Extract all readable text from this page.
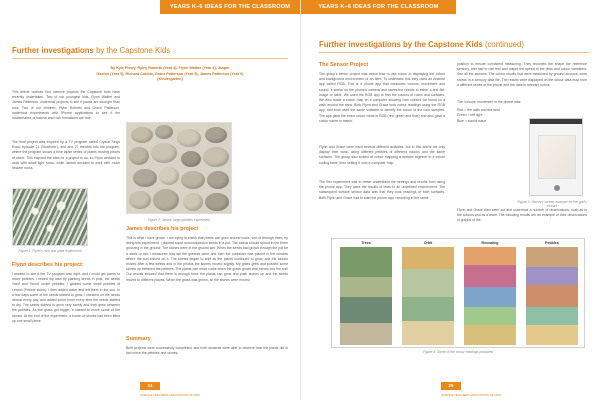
YEARS K–6 IDEAS FOR THE CLASSROOM
Further investigations by the Capstone Kids
By Kyle Pixley, Ryley Roberts (Year 4), Flynn Walker (Year 4), Jasper
Gaston (Year 5), Richard Cobble, Grace Patterson (Year 5), James Patterson (Year 6)
(Kindergarten)
This article outlines four science projects the Capstone Kids have recently undertaken. Two of our youngest kids, Flynn Walker and James Patterson, undertook projects to see if plants are stronger than rock. Two of our children, Flynn Roberts and Grace Patterson, undertook experiments with iPhone applications to see if the mathematics of natural and rock formations are true.
The final project was inspired by a TV program called Crystal Sings Rock, episode 21 ('Nowhere'), and and 27 minutes into the program, where the program shows a time lapse series of plants moving pieces of stone. This inspired the idea for a project to do, so Flynn decided to work with small light rocks, while James decided to work with much heavier rocks.
Figure 1: Flynn's rock and plant experiment
Flynn describes his project:
I wanted to see if the TV program was right, and I could get plants to move pebbles. I tested my idea by planting seeds in pots, the seeds 'hard' and 'found' under pebbles. I gabbed some small pebbles of Lemon (Pebble stone). I then added water and left them in the sun. In a few days some of the seeds started to grow. I checked on the seeds almost every day, and added some more every time the seeds started to dry. The seeds started to grow very slowly and they grew between the pebbles. As the grass got bigger, it started to move some of the stones. At the end of the experiment, a bunch of stones had been lifted up one small piece.
Figure 2: James' large pebbles experiment
James describes his project
This is what I have grown. I am trying to check that plants can grow around rocks, sort of through them, by doing this experiment. I planted some monocotyledon seeds in a pot. The seeds should sprout in the three grooving in the ground. The stones were in the ground wet. When the seeds had grown through the pot for a week or two I measured how tall the grasses were and then the container was placed in the window where the sun shined on it. The stones began to shift as the plants continued to grow, and the stones moved after a few weeks and in the photos the stones moved slightly. My grass grew and pushed some stones up between the pebbles. The plants can move rocks when the grass grows and moves into the soil! Our results showed that there is enough force the plants can grow and push stones up and the seeds moved to different places. When the grass was grown, all the stones were moved.
Summary
Both projects were successfully completed, and both students were able to observe how the plants did in fact move the pebbles and stones.
24
SCIENCE TEACHERS ASSOCIATION OF NSW
YEARS K–6 IDEAS FOR THE CLASSROOM
Further investigations by the Capstone Kids (continued)
The Sensor Project
The group's senior project was about how to use colour in displaying the colour and background environment of an item. To undertake this they used an Android app called RGB. This is a phone app that measures colours, movement and sound. It works on the phone's camera and saves the results in either a text file, image or table. We used the RGB app to find the colours of rocks and surfaces. We also made a colour map on a computer showing rock colours we found on a walk around the area. Both Flynn and Grace took colour readings using the RGB app, and both used the same software to identify the colour of the rock samples. The app gave the exact colour value in RGB (red, green and blue) and also gave a colour name to match.
Flynn and Grace were each several different activities, but in this article we only display their work, using different pebbles of different colours and the same surfaces. The group also looked at colour mapping a surface together in a colour coding table, then setting it onto a computer map.
The first experiment was to better understand the settings and results from using the phone app. They were the results of tests to an undefined environment. The subsequent surface sensor data was that they took readings of both surfaces. Both Flynn and Grace had to start the phone app, recording in the same
position to ensure consistent measuring. They recorded the shape the reference sensory, and had to use test and output the speed of the plots and colour variations. See all the sensors: The colour results that were measured by ground sensors, were shown in a sensory data file. The results were displayed on the colour data map from a different series of the phone and the data in relevant colour.
The 'colours' movement in the phone was:
Red = the walk and the land
Green = left light
Blue = sound wave
Figure 3: Sensory screen example for the grid's colours
Flynn and Grace then went out and undertook a number of observations, such as in the colours and as a team. The following results are an example of their observations in graphs of the.
Trees	Orbit	Revealing	Pebbles
Figure 4: Some of the colour readings produced
25
SCIENCE TEACHERS ASSOCIATION OF NSW
